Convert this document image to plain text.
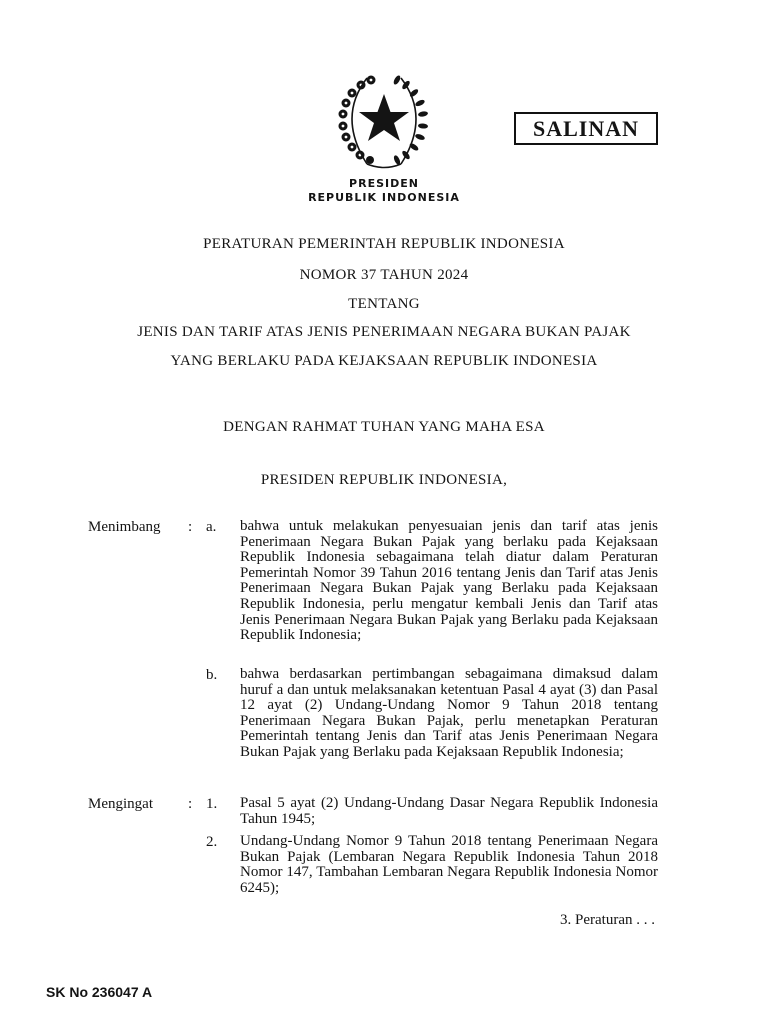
SALINAN
PRESIDEN
REPUBLIK INDONESIA
PERATURAN PEMERINTAH REPUBLIK INDONESIA
NOMOR 37 TAHUN 2024
TENTANG
JENIS DAN TARIF ATAS JENIS PENERIMAAN NEGARA BUKAN PAJAK
YANG BERLAKU PADA KEJAKSAAN REPUBLIK INDONESIA
DENGAN RAHMAT TUHAN YANG MAHA ESA
PRESIDEN REPUBLIK INDONESIA,
Menimbang : a. bahwa untuk melakukan penyesuaian jenis dan tarif atas jenis Penerimaan Negara Bukan Pajak yang berlaku pada Kejaksaan Republik Indonesia sebagaimana telah diatur dalam Peraturan Pemerintah Nomor 39 Tahun 2016 tentang Jenis dan Tarif atas Jenis Penerimaan Negara Bukan Pajak yang Berlaku pada Kejaksaan Republik Indonesia, perlu mengatur kembali Jenis dan Tarif atas Jenis Penerimaan Negara Bukan Pajak yang Berlaku pada Kejaksaan Republik Indonesia;
b. bahwa berdasarkan pertimbangan sebagaimana dimaksud dalam huruf a dan untuk melaksanakan ketentuan Pasal 4 ayat (3) dan Pasal 12 ayat (2) Undang-Undang Nomor 9 Tahun 2018 tentang Penerimaan Negara Bukan Pajak, perlu menetapkan Peraturan Pemerintah tentang Jenis dan Tarif atas Jenis Penerimaan Negara Bukan Pajak yang Berlaku pada Kejaksaan Republik Indonesia;
Mengingat : 1. Pasal 5 ayat (2) Undang-Undang Dasar Negara Republik Indonesia Tahun 1945;
2. Undang-Undang Nomor 9 Tahun 2018 tentang Penerimaan Negara Bukan Pajak (Lembaran Negara Republik Indonesia Tahun 2018 Nomor 147, Tambahan Lembaran Negara Republik Indonesia Nomor 6245);
3. Peraturan . . .
SK No 236047 A
